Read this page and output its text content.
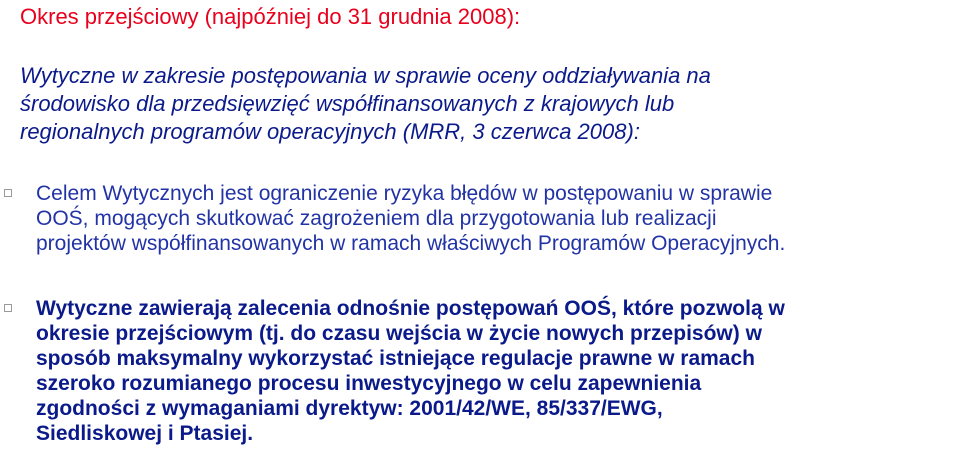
Okres przejściowy (najpóźniej do 31 grudnia 2008):
Wytyczne w zakresie postępowania w sprawie oceny oddziaływania na
środowisko dla przedsięwzięć współfinansowanych z krajowych lub
regionalnych programów operacyjnych (MRR, 3 czerwca 2008):
Celem Wytycznych jest ograniczenie ryzyka błędów w postępowaniu w sprawie
OOŚ, mogących skutkować zagrożeniem dla przygotowania lub realizacji
projektów współfinansowanych w ramach właściwych Programów Operacyjnych.
Wytyczne zawierają zalecenia odnośnie postępowań OOŚ, które pozwolą w
okresie przejściowym (tj. do czasu wejścia w życie nowych przepisów) w
sposób maksymalny wykorzystać istniejące regulacje prawne w ramach
szeroko rozumianego procesu inwestycyjnego w celu zapewnienia
zgodności z wymaganiami dyrektyw: 2001/42/WE, 85/337/EWG,
Siedliskowej i Ptasiej.
